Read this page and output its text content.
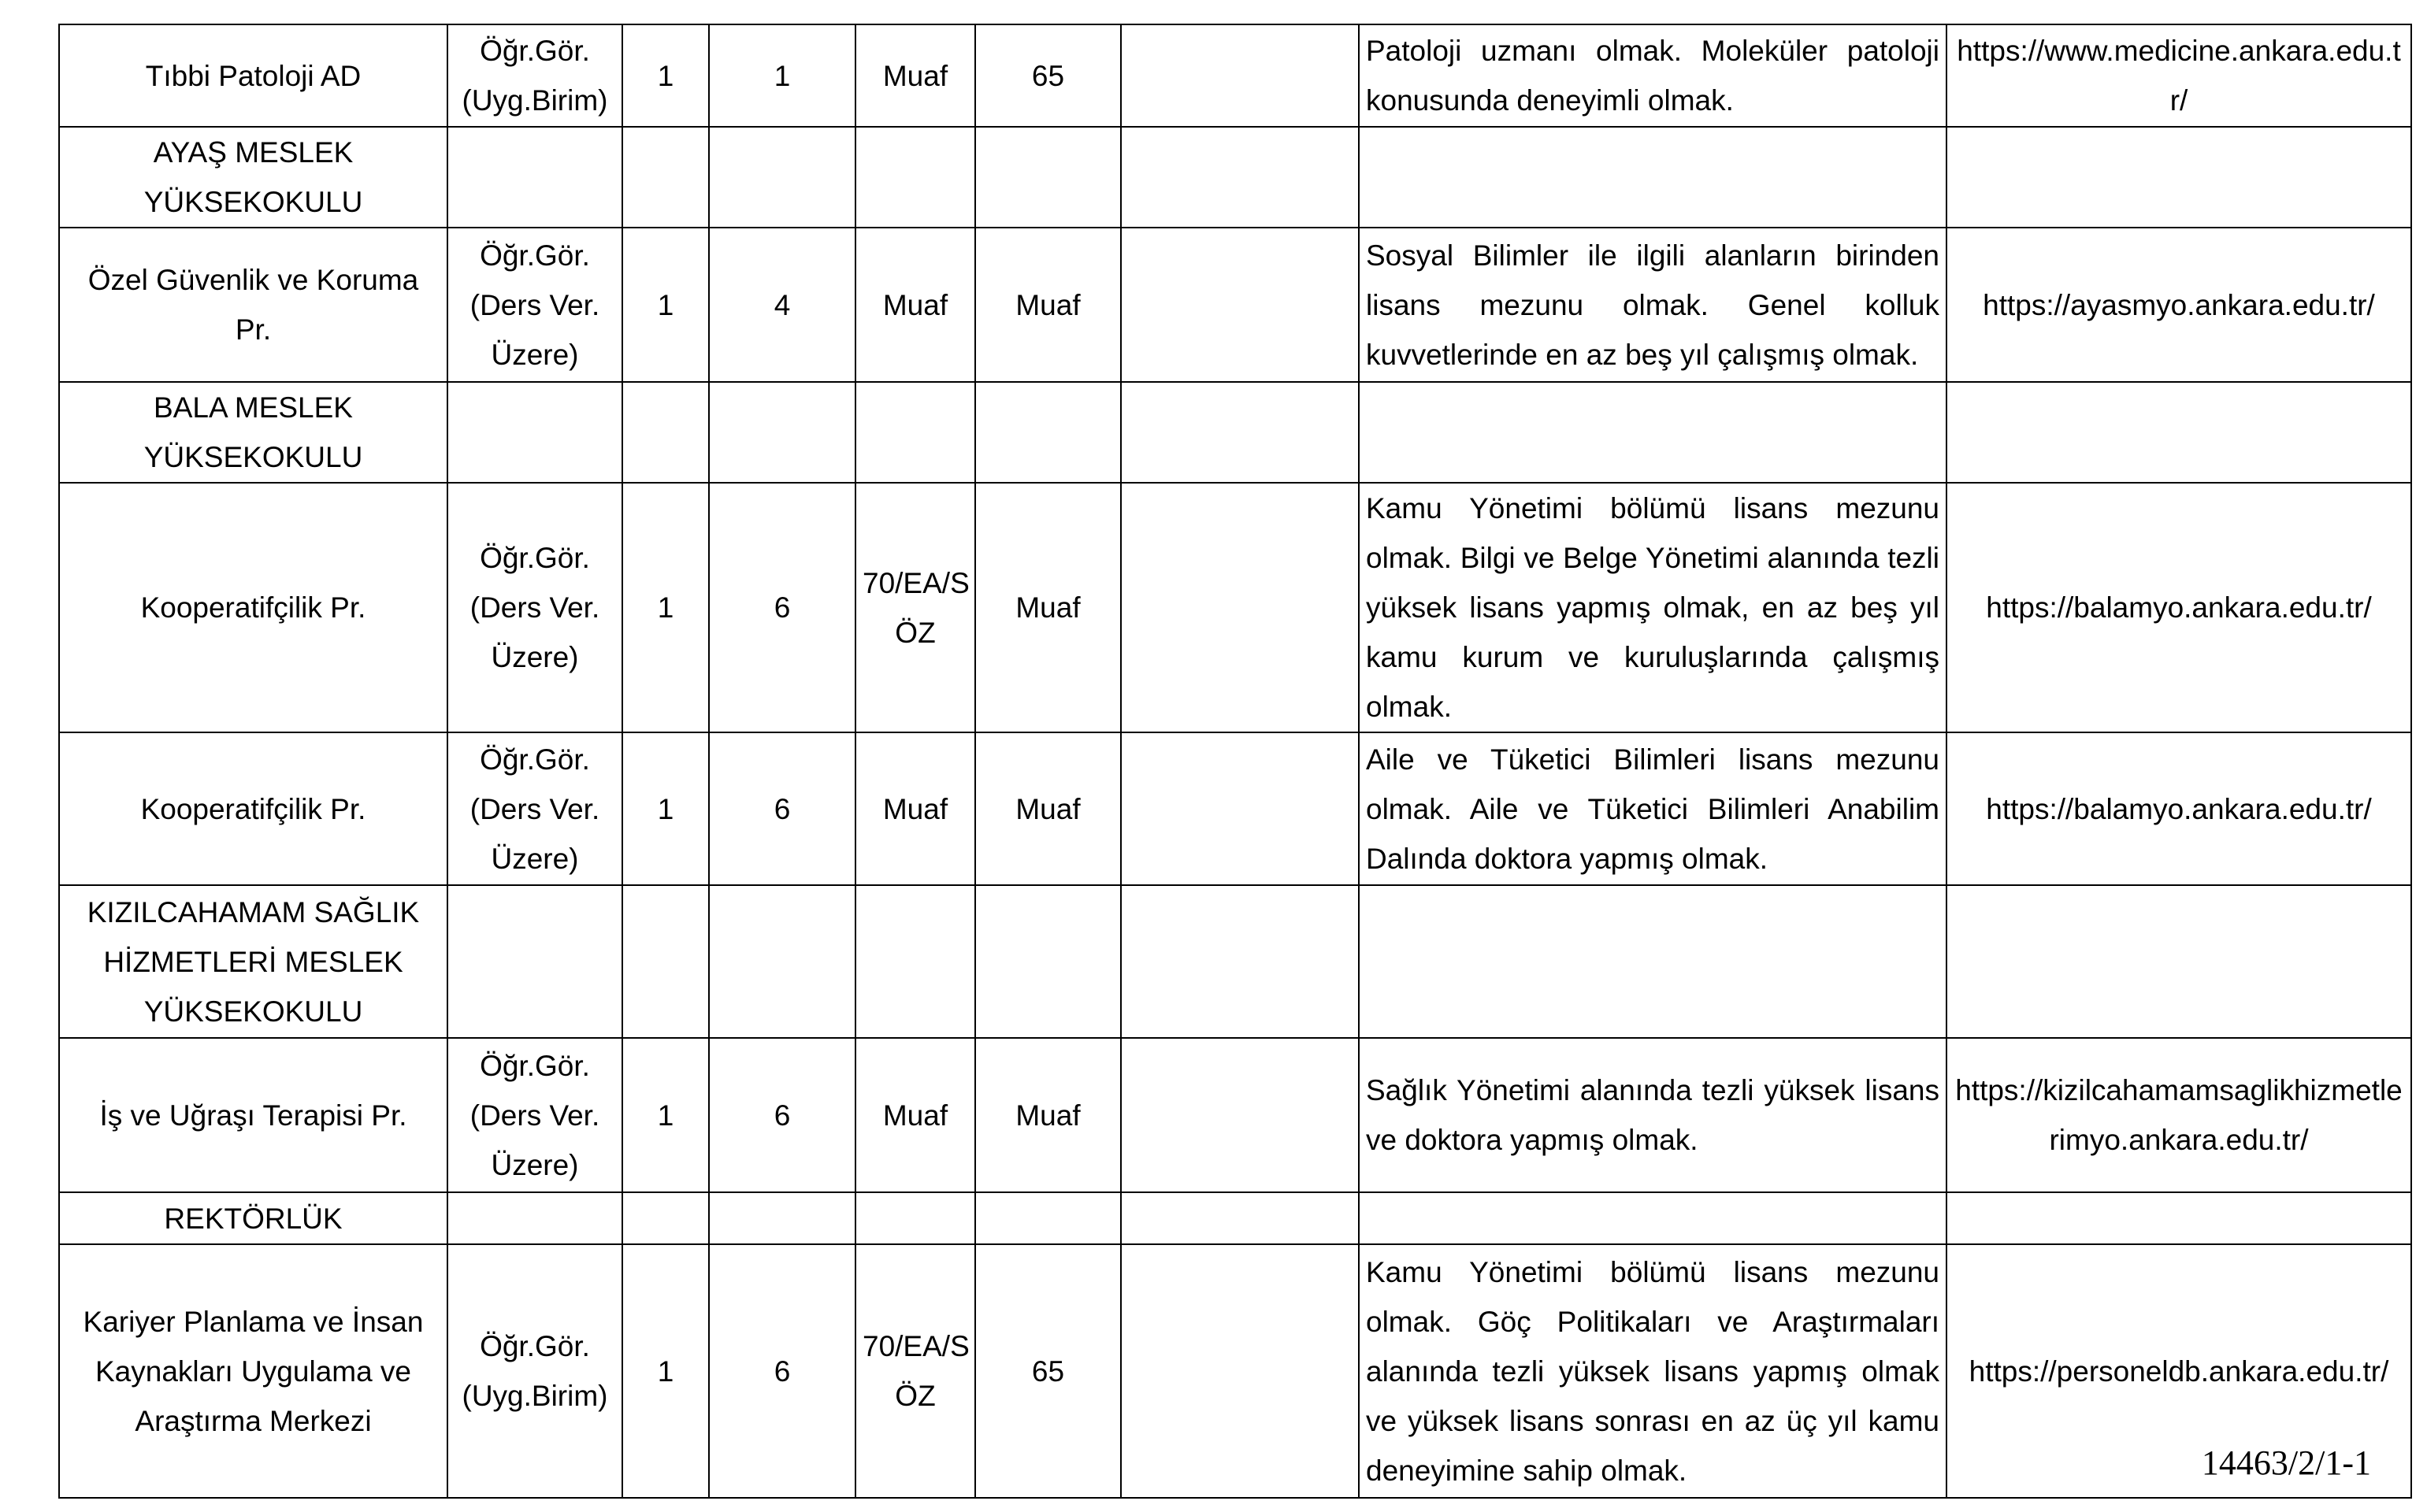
Tıbbi Patoloji AD	Öğr.Gör. (Uyg.Birim)	1	1	Muaf	65		Patoloji uzmanı olmak. Moleküler patoloji konusunda deneyimli olmak.	https://www.medicine.ankara.edu.tr/
AYAŞ MESLEK YÜKSEKOKULU								
Özel Güvenlik ve Koruma Pr.	Öğr.Gör. (Ders Ver. Üzere)	1	4	Muaf	Muaf		Sosyal Bilimler ile ilgili alanların birinden lisans mezunu olmak. Genel kolluk kuvvetlerinde en az beş yıl çalışmış olmak.	https://ayasmyo.ankara.edu.tr/
BALA MESLEK YÜKSEKOKULU								
Kooperatifçilik Pr.	Öğr.Gör. (Ders Ver. Üzere)	1	6	70/EA/S ÖZ	Muaf		Kamu Yönetimi bölümü lisans mezunu olmak. Bilgi ve Belge Yönetimi alanında tezli yüksek lisans yapmış olmak, en az beş yıl kamu kurum ve kuruluşlarında çalışmış olmak.	https://balamyo.ankara.edu.tr/
Kooperatifçilik Pr.	Öğr.Gör. (Ders Ver. Üzere)	1	6	Muaf	Muaf		Aile ve Tüketici Bilimleri lisans mezunu olmak. Aile ve Tüketici Bilimleri Anabilim Dalında doktora yapmış olmak.	https://balamyo.ankara.edu.tr/
KIZILCAHAMAM SAĞLIK HİZMETLERİ MESLEK YÜKSEKOKULU								
İş ve Uğraşı Terapisi Pr.	Öğr.Gör. (Ders Ver. Üzere)	1	6	Muaf	Muaf		Sağlık Yönetimi alanında tezli yüksek lisans ve doktora yapmış olmak.	https://kizilcahamamsaglikhizmetlerimyo.ankara.edu.tr/
REKTÖRLÜK								
Kariyer Planlama ve İnsan Kaynakları Uygulama ve Araştırma Merkezi	Öğr.Gör. (Uyg.Birim)	1	6	70/EA/S ÖZ	65		Kamu Yönetimi bölümü lisans mezunu olmak. Göç Politikaları ve Araştırmaları alanında tezli yüksek lisans yapmış olmak ve yüksek lisans sonrası en az üç yıl kamu deneyimine sahip olmak.	https://personeldb.ankara.edu.tr/
14463/2/1-1
